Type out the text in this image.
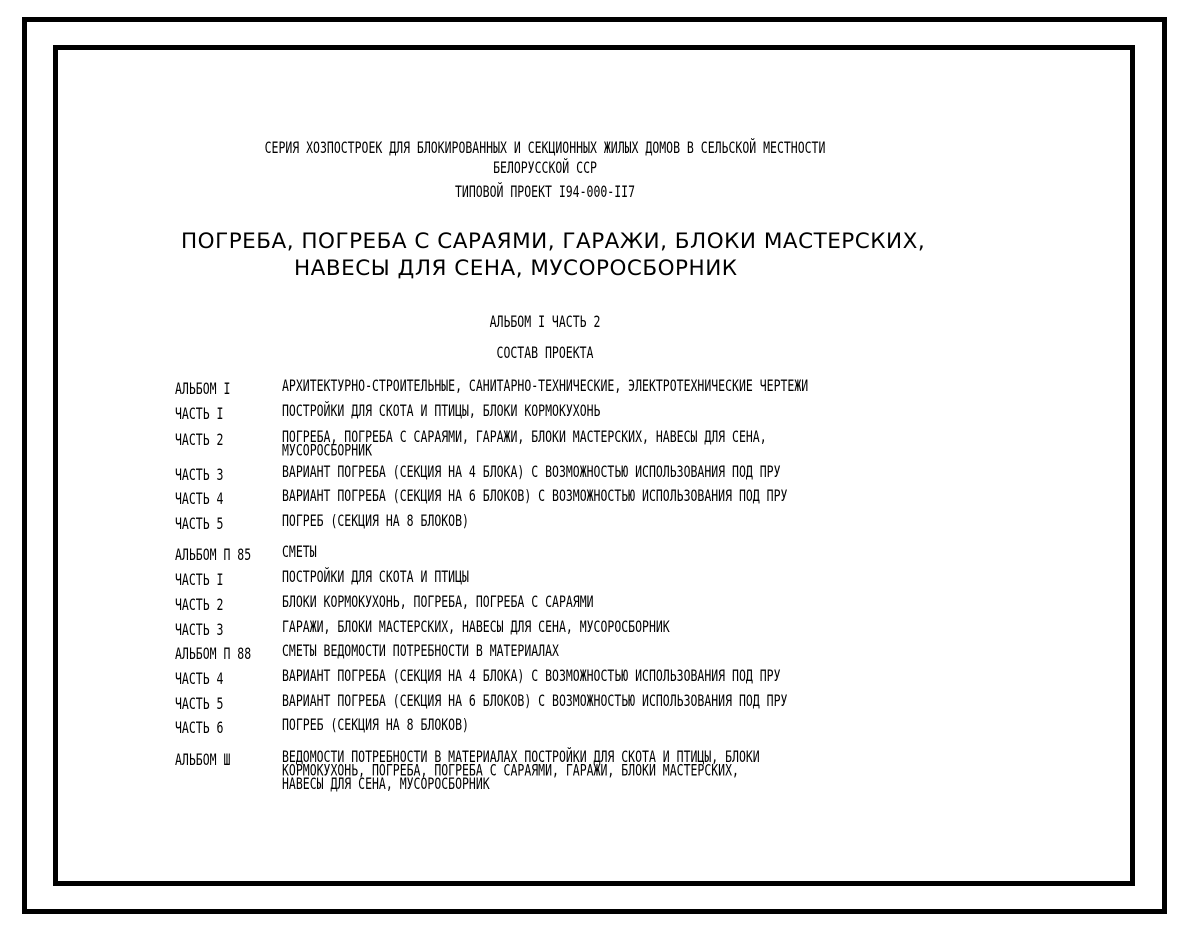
СЕРИЯ ХОЗПОСТРОЕК ДЛЯ БЛОКИРОВАННЫХ И СЕКЦИОННЫХ ЖИЛЫХ ДОМОВ В СЕЛЬСКОЙ МЕСТНОСТИ
БЕЛОРУССКОЙ ССР
ТИПОВОЙ ПРОЕКТ I94-000-II7
ПОГРЕБА, ПОГРЕБА С САРАЯМИ, ГАРАЖИ, БЛОКИ МАСТЕРСКИХ,
НАВЕСЫ ДЛЯ СЕНА, МУСОРОСБОРНИК
АЛЬБОМ I ЧАСТЬ 2
СОСТАВ ПРОЕКТА
АЛЬБОМ I	АРХИТЕКТУРНО-СТРОИТЕЛЬНЫЕ, САНИТАРНО-ТЕХНИЧЕСКИЕ, ЭЛЕКТРОТЕХНИЧЕСКИЕ ЧЕРТЕЖИ
ЧАСТЬ I	ПОСТРОЙКИ ДЛЯ СКОТА И ПТИЦЫ, БЛОКИ КОРМОКУХОНЬ
ЧАСТЬ 2	ПОГРЕБА, ПОГРЕБА С САРАЯМИ, ГАРАЖИ, БЛОКИ МАСТЕРСКИХ, НАВЕСЫ ДЛЯ СЕНА,
МУСОРОСБОРНИК
ЧАСТЬ 3	ВАРИАНТ ПОГРЕБА (СЕКЦИЯ НА 4 БЛОКА) С ВОЗМОЖНОСТЬЮ ИСПОЛЬЗОВАНИЯ ПОД ПРУ
ЧАСТЬ 4	ВАРИАНТ ПОГРЕБА (СЕКЦИЯ НА 6 БЛОКОВ) С ВОЗМОЖНОСТЬЮ ИСПОЛЬЗОВАНИЯ ПОД ПРУ
ЧАСТЬ 5	ПОГРЕБ (СЕКЦИЯ НА 8 БЛОКОВ)
АЛЬБОМ П 85	СМЕТЫ
ЧАСТЬ I	ПОСТРОЙКИ ДЛЯ СКОТА И ПТИЦЫ
ЧАСТЬ 2	БЛОКИ КОРМОКУХОНЬ, ПОГРЕБА, ПОГРЕБА С САРАЯМИ
ЧАСТЬ 3	ГАРАЖИ, БЛОКИ МАСТЕРСКИХ, НАВЕСЫ ДЛЯ СЕНА, МУСОРОСБОРНИК
АЛЬБОМ П 88	СМЕТЫ ВЕДОМОСТИ ПОТРЕБНОСТИ В МАТЕРИАЛАХ
ЧАСТЬ 4	ВАРИАНТ ПОГРЕБА (СЕКЦИЯ НА 4 БЛОКА) С ВОЗМОЖНОСТЬЮ ИСПОЛЬЗОВАНИЯ ПОД ПРУ
ЧАСТЬ 5	ВАРИАНТ ПОГРЕБА (СЕКЦИЯ НА 6 БЛОКОВ) С ВОЗМОЖНОСТЬЮ ИСПОЛЬЗОВАНИЯ ПОД ПРУ
ЧАСТЬ 6	ПОГРЕБ (СЕКЦИЯ НА 8 БЛОКОВ)
АЛЬБОМ Ш	ВЕДОМОСТИ ПОТРЕБНОСТИ В МАТЕРИАЛАХ ПОСТРОЙКИ ДЛЯ СКОТА И ПТИЦЫ, БЛОКИ
КОРМОКУХОНЬ, ПОГРЕБА, ПОГРЕБА С САРАЯМИ, ГАРАЖИ, БЛОКИ МАСТЕРСКИХ,
НАВЕСЫ ДЛЯ СЕНА, МУСОРОСБОРНИК
